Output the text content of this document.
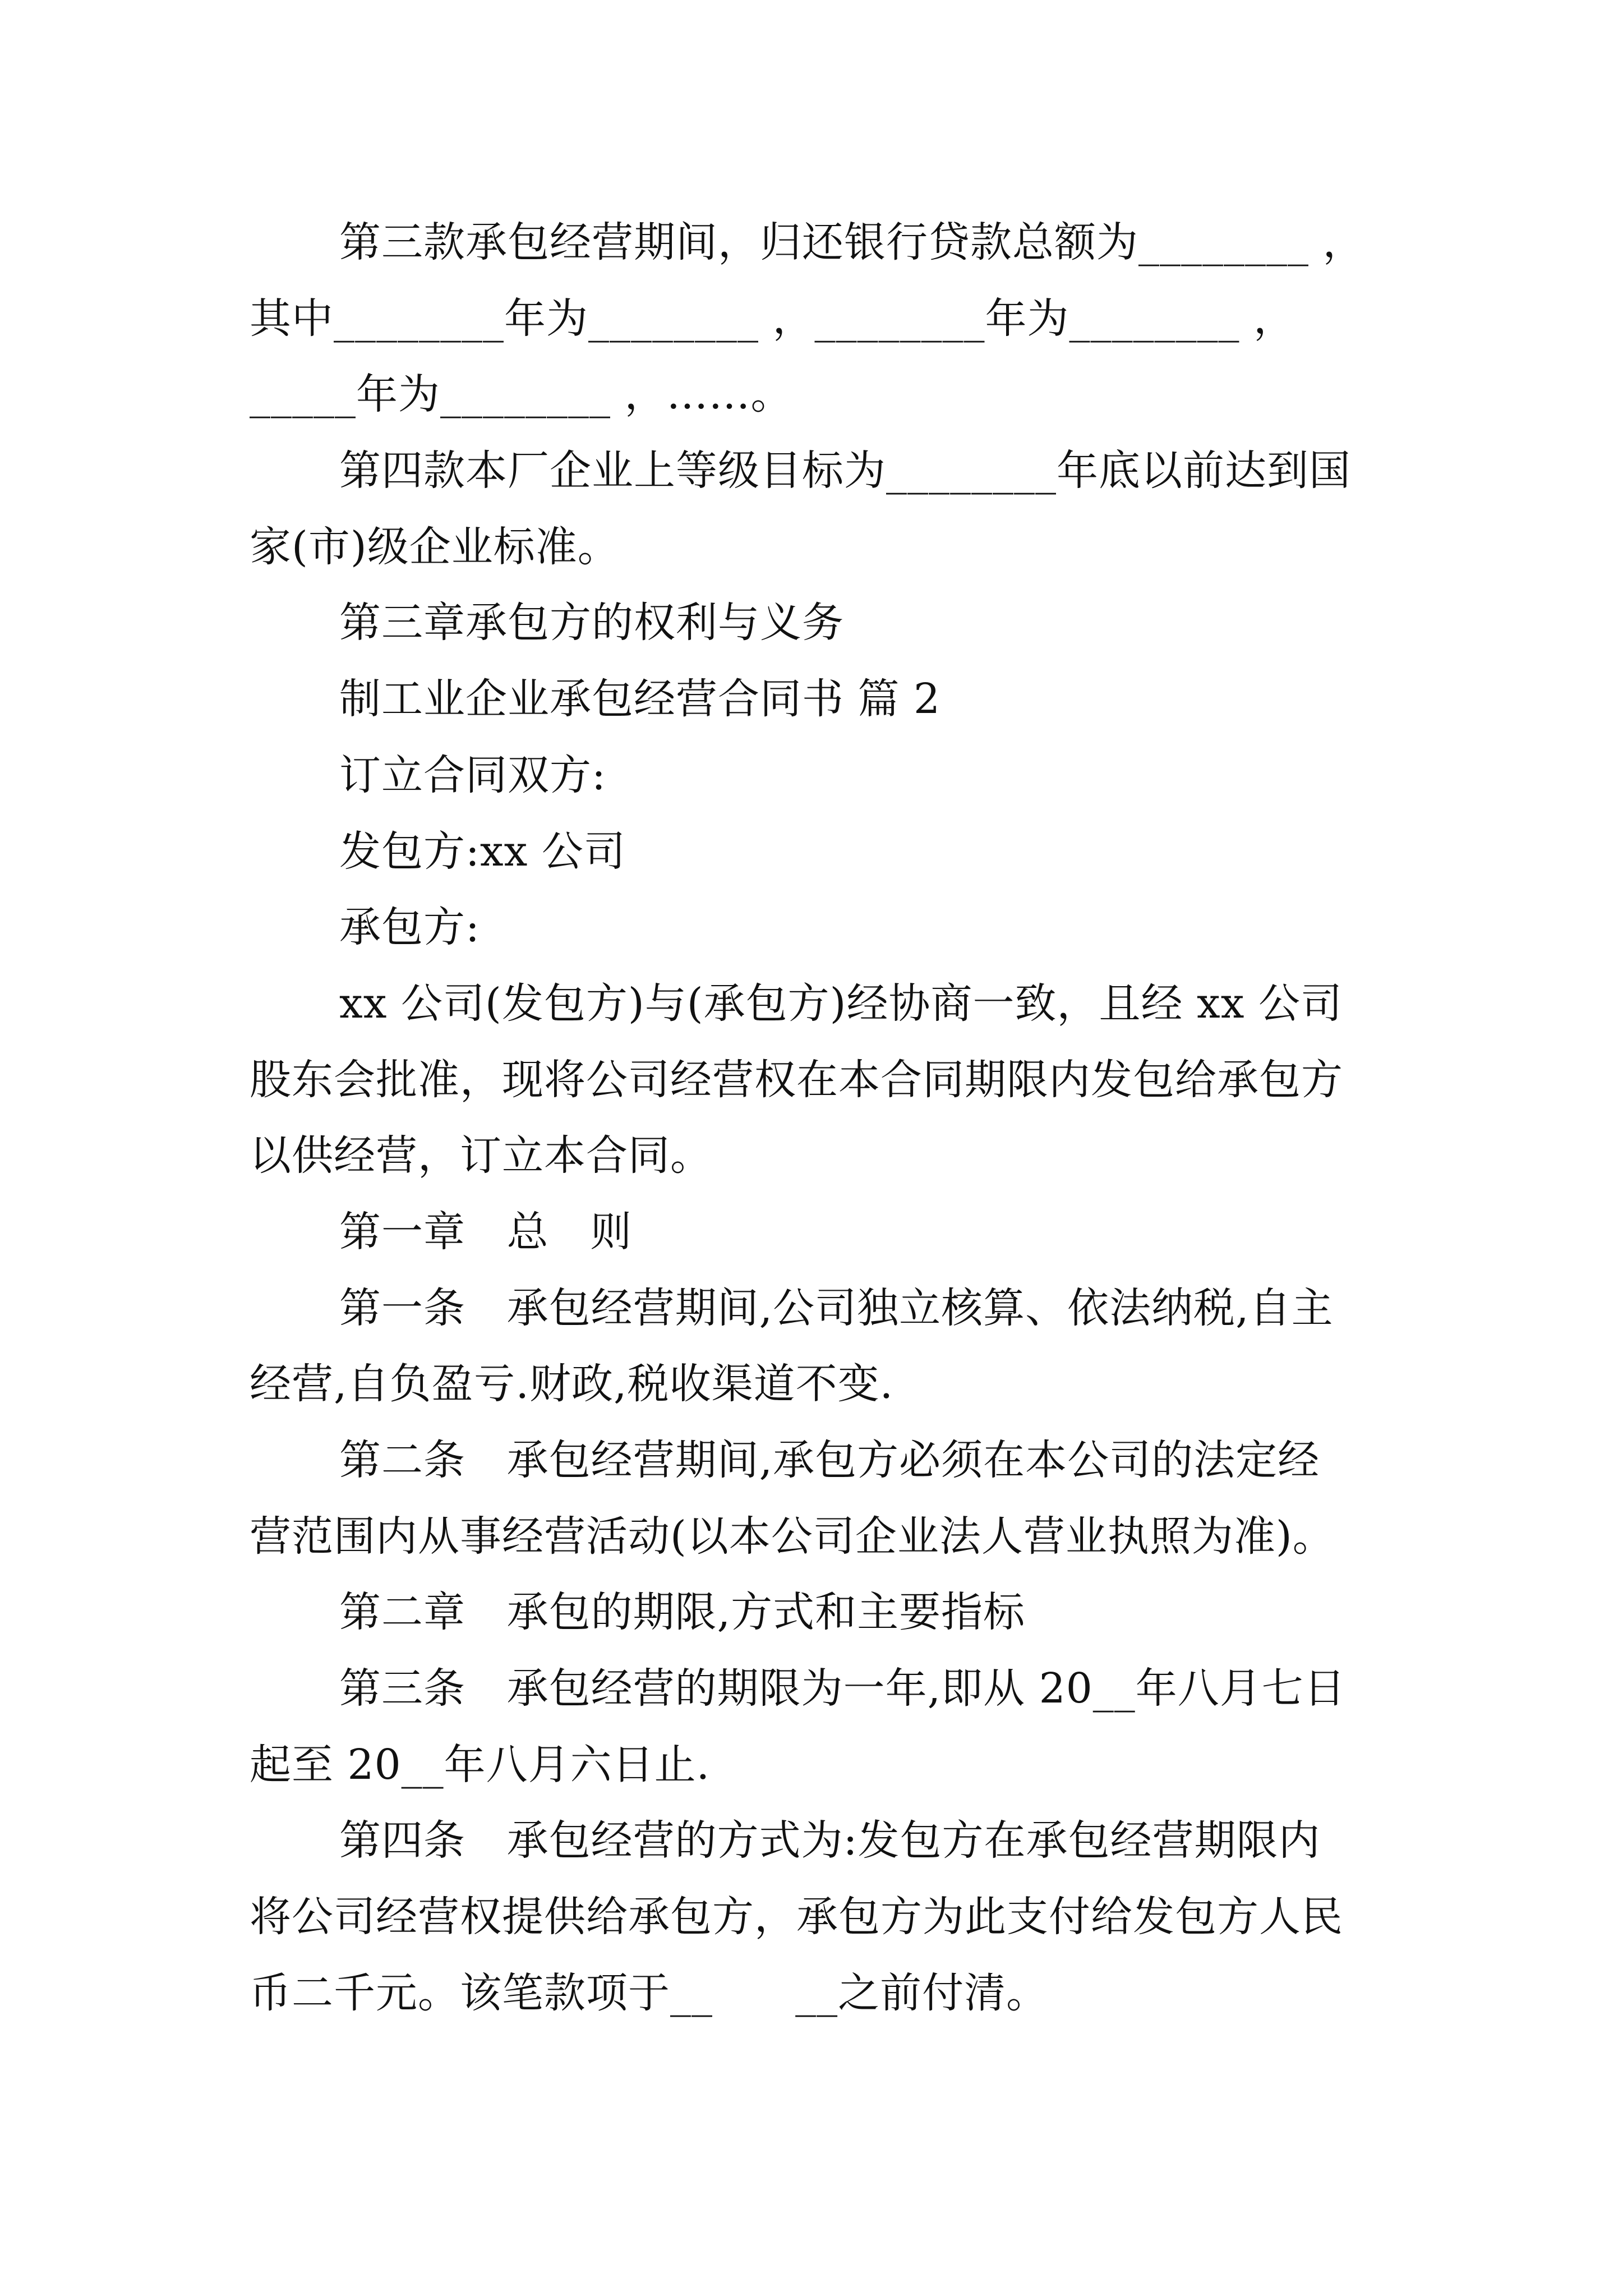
第三款承包经营期间，归还银行贷款总额为________ ，
其中________年为________ ，________年为________ ，
_____年为________ ，……。
第四款本厂企业上等级目标为________年底以前达到国
家(市)级企业标准。
第三章承包方的权利与义务
制工业企业承包经营合同书 篇 2
订立合同双方:
发包方:xx 公司
承包方:
xx 公司(发包方)与(承包方)经协商一致，且经 xx 公司
股东会批准，现将公司经营权在本合同期限内发包给承包方
以供经营，订立本合同。
第一章   总   则
第一条   承包经营期间,公司独立核算、依法纳税,自主
经营,自负盈亏.财政,税收渠道不变.
第二条   承包经营期间,承包方必须在本公司的法定经
营范围内从事经营活动(以本公司企业法人营业执照为准)。
第二章   承包的期限,方式和主要指标
第三条   承包经营的期限为一年,即从 20__年八月七日
起至 20__年八月六日止.
第四条   承包经营的方式为:发包方在承包经营期限内
将公司经营权提供给承包方，承包方为此支付给发包方人民
币二千元。该笔款项于__      __之前付清。
